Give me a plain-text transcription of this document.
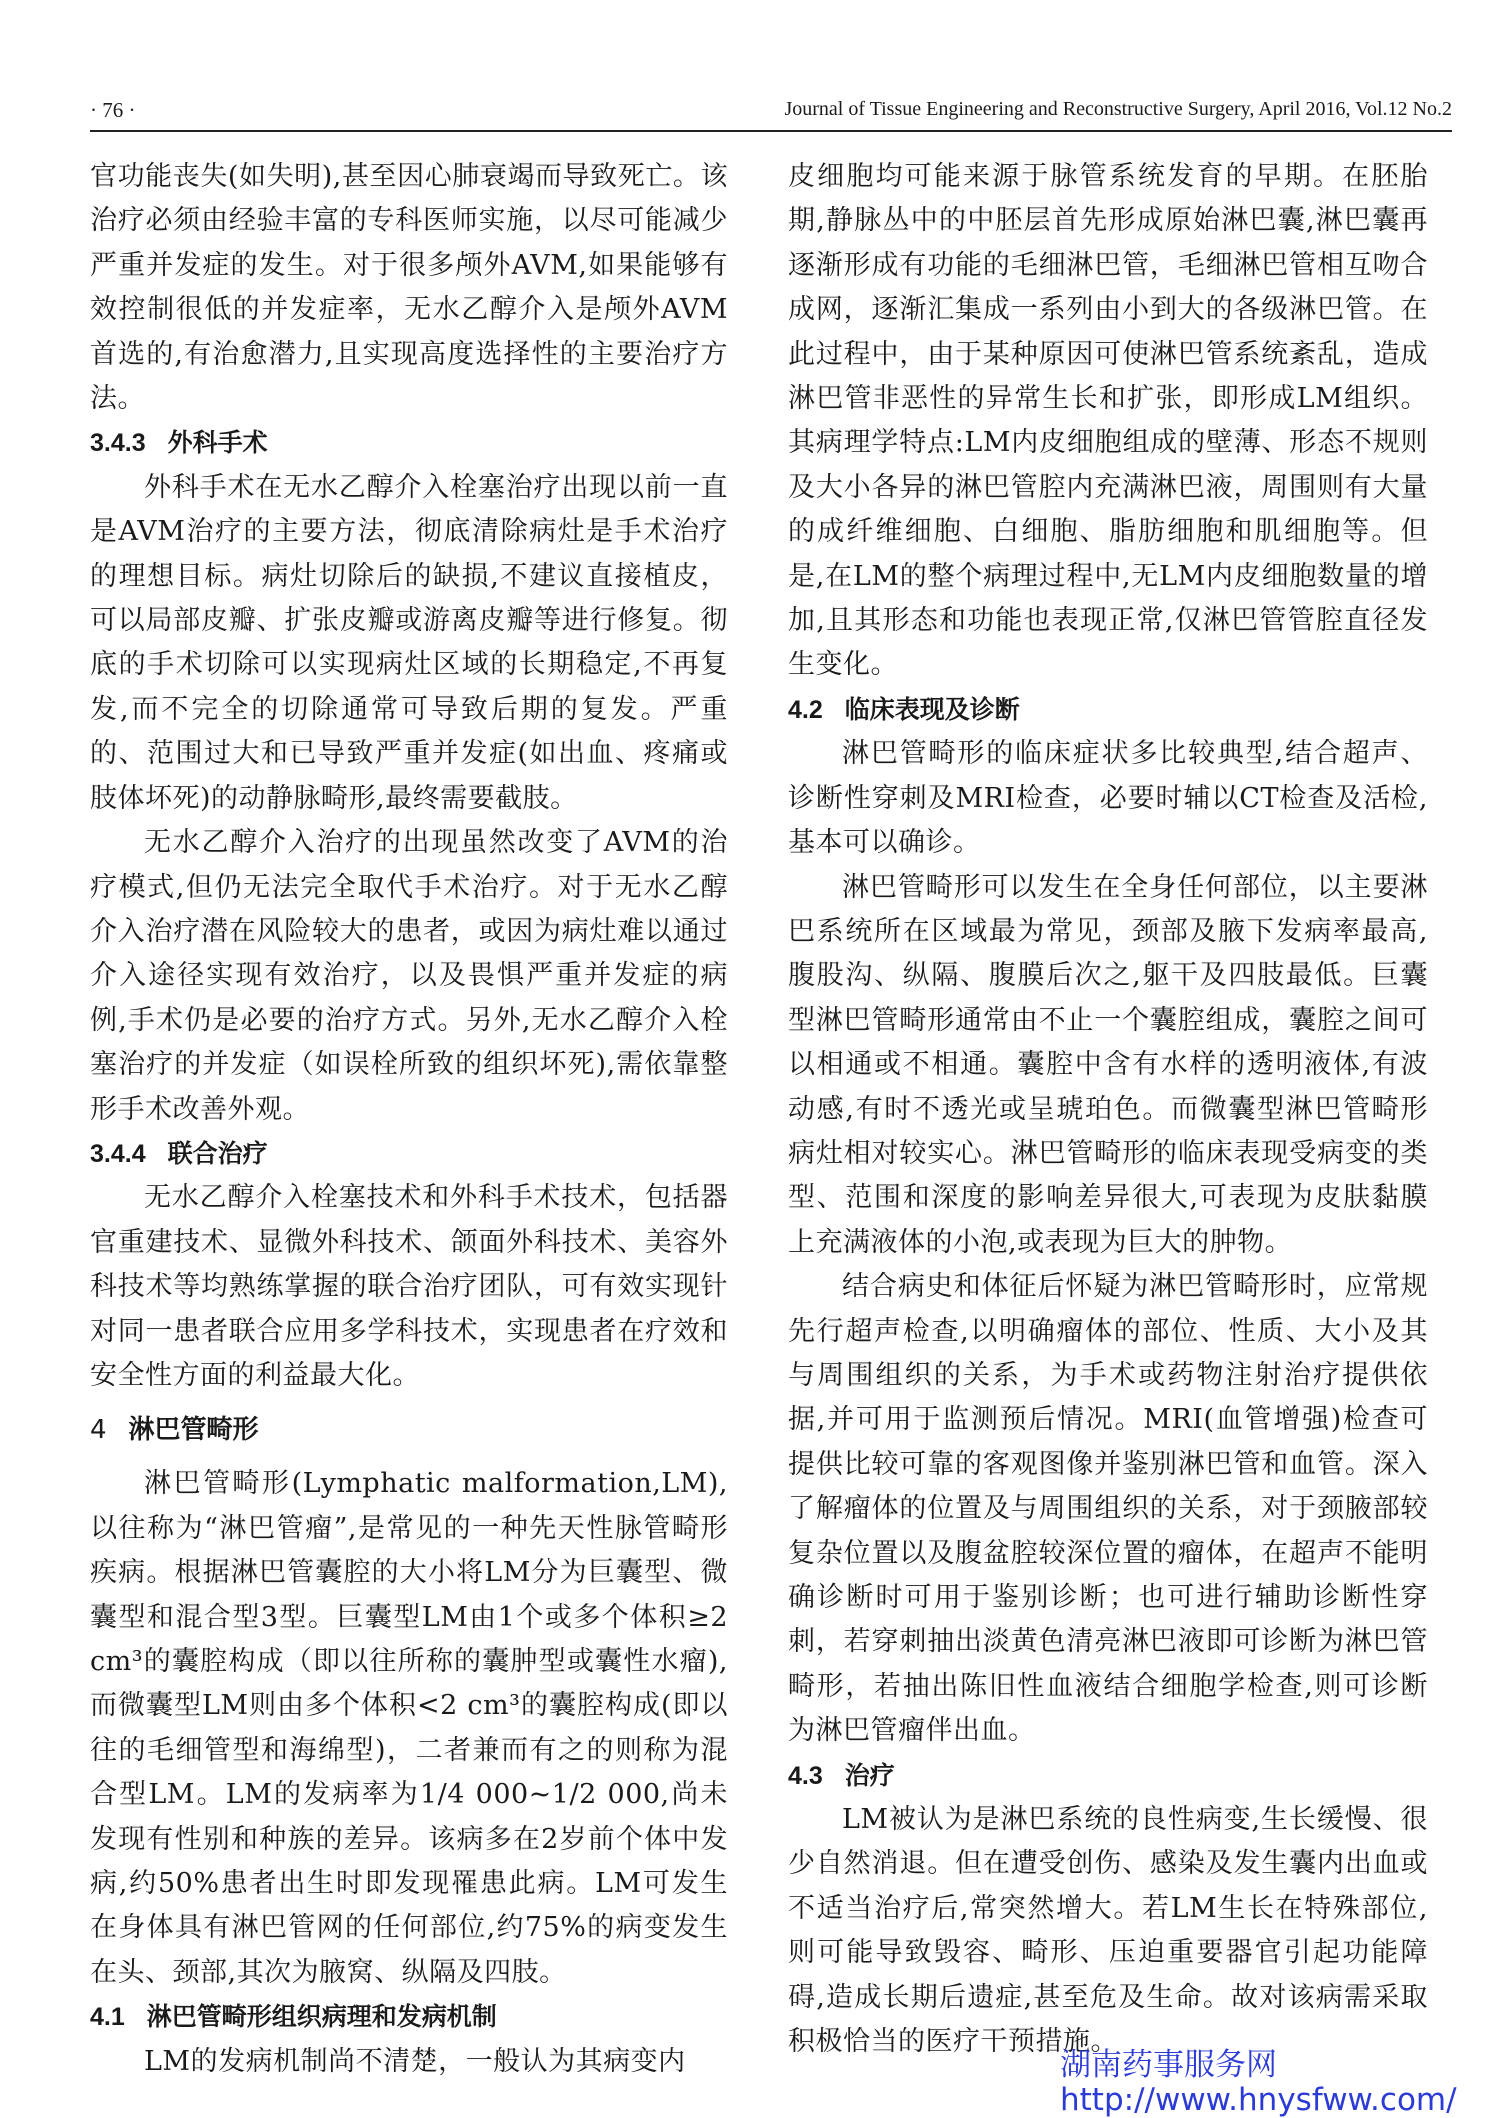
· 76 ·	Journal of Tissue Engineering and Reconstructive Surgery, April 2016, Vol.12 No.2

官功能丧失(如失明),甚至因心肺衰竭而导致死亡。该治疗必须由经验丰富的专科医师实施，以尽可能减少严重并发症的发生。对于很多颅外AVM,如果能够有效控制很低的并发症率，无水乙醇介入是颅外AVM首选的,有治愈潜力,且实现高度选择性的主要治疗方法。

3.4.3 外科手术

外科手术在无水乙醇介入栓塞治疗出现以前一直是AVM治疗的主要方法，彻底清除病灶是手术治疗的理想目标。病灶切除后的缺损,不建议直接植皮，可以局部皮瓣、扩张皮瓣或游离皮瓣等进行修复。彻底的手术切除可以实现病灶区域的长期稳定,不再复发,而不完全的切除通常可导致后期的复发。严重的、范围过大和已导致严重并发症(如出血、疼痛或肢体坏死)的动静脉畸形,最终需要截肢。

无水乙醇介入治疗的出现虽然改变了AVM的治疗模式,但仍无法完全取代手术治疗。对于无水乙醇介入治疗潜在风险较大的患者，或因为病灶难以通过介入途径实现有效治疗，以及畏惧严重并发症的病例,手术仍是必要的治疗方式。另外,无水乙醇介入栓塞治疗的并发症（如误栓所致的组织坏死),需依靠整形手术改善外观。

3.4.4 联合治疗

无水乙醇介入栓塞技术和外科手术技术，包括器官重建技术、显微外科技术、颌面外科技术、美容外科技术等均熟练掌握的联合治疗团队，可有效实现针对同一患者联合应用多学科技术，实现患者在疗效和安全性方面的利益最大化。

4 淋巴管畸形

淋巴管畸形(Lymphatic malformation,LM),以往称为“淋巴管瘤”,是常见的一种先天性脉管畸形疾病。根据淋巴管囊腔的大小将LM分为巨囊型、微囊型和混合型3型。巨囊型LM由1个或多个体积≥2 cm³的囊腔构成（即以往所称的囊肿型或囊性水瘤),而微囊型LM则由多个体积<2 cm³的囊腔构成(即以往的毛细管型和海绵型)，二者兼而有之的则称为混合型LM。LM的发病率为1/4 000~1/2 000,尚未发现有性别和种族的差异。该病多在2岁前个体中发病,约50%患者出生时即发现罹患此病。LM可发生在身体具有淋巴管网的任何部位,约75%的病变发生在头、颈部,其次为腋窝、纵隔及四肢。

4.1 淋巴管畸形组织病理和发病机制

LM的发病机制尚不清楚，一般认为其病变内

皮细胞均可能来源于脉管系统发育的早期。在胚胎期,静脉丛中的中胚层首先形成原始淋巴囊,淋巴囊再逐渐形成有功能的毛细淋巴管，毛细淋巴管相互吻合成网，逐渐汇集成一系列由小到大的各级淋巴管。在此过程中，由于某种原因可使淋巴管系统紊乱，造成淋巴管非恶性的异常生长和扩张，即形成LM组织。其病理学特点:LM内皮细胞组成的壁薄、形态不规则及大小各异的淋巴管腔内充满淋巴液，周围则有大量的成纤维细胞、白细胞、脂肪细胞和肌细胞等。但是,在LM的整个病理过程中,无LM内皮细胞数量的增加,且其形态和功能也表现正常,仅淋巴管管腔直径发生变化。

4.2 临床表现及诊断

淋巴管畸形的临床症状多比较典型,结合超声、诊断性穿刺及MRI检查，必要时辅以CT检查及活检,基本可以确诊。

淋巴管畸形可以发生在全身任何部位，以主要淋巴系统所在区域最为常见，颈部及腋下发病率最高,腹股沟、纵隔、腹膜后次之,躯干及四肢最低。巨囊型淋巴管畸形通常由不止一个囊腔组成，囊腔之间可以相通或不相通。囊腔中含有水样的透明液体,有波动感,有时不透光或呈琥珀色。而微囊型淋巴管畸形病灶相对较实心。淋巴管畸形的临床表现受病变的类型、范围和深度的影响差异很大,可表现为皮肤黏膜上充满液体的小泡,或表现为巨大的肿物。

结合病史和体征后怀疑为淋巴管畸形时，应常规先行超声检查,以明确瘤体的部位、性质、大小及其与周围组织的关系，为手术或药物注射治疗提供依据,并可用于监测预后情况。MRI(血管增强)检查可提供比较可靠的客观图像并鉴别淋巴管和血管。深入了解瘤体的位置及与周围组织的关系，对于颈腋部较复杂位置以及腹盆腔较深位置的瘤体，在超声不能明确诊断时可用于鉴别诊断；也可进行辅助诊断性穿刺，若穿刺抽出淡黄色清亮淋巴液即可诊断为淋巴管畸形，若抽出陈旧性血液结合细胞学检查,则可诊断为淋巴管瘤伴出血。

4.3 治疗

LM被认为是淋巴系统的良性病变,生长缓慢、很少自然消退。但在遭受创伤、感染及发生囊内出血或不适当治疗后,常突然增大。若LM生长在特殊部位,则可能导致毁容、畸形、压迫重要器官引起功能障碍,造成长期后遗症,甚至危及生命。故对该病需采取积极恰当的医疗干预措施。

湖南药事服务网
http://www.hnysfww.com/
